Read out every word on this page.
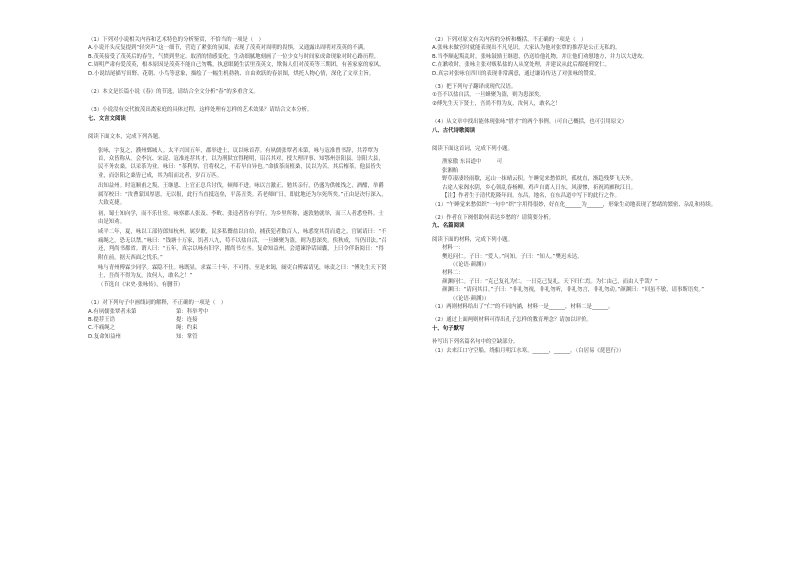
（1）下列对小说相关内容和艺术特色的分析鉴赏，不恰当的一项是（　）

A.小说开头反复提到“轻突声”这一细节，营造了紧张的氛围，表现了茂英对周明的畏惧，又通露出周明对茂英的不满。

B.茂英接受了茂英后的春生，气愤到坚定、取消的情感变化，生动细腻地刻画了一位少女与时间家成命现象对时心路历程。

C.周明严肃有爱茂英，根本原因是茂英不能自己勿嘴，执意眼随生活里茂英文，欺侮人们对茂英等三期团，有善家家的家风。

D.小说结尾描写田野、花朝、小鸟等意象，描绘了一幅生机勃勃、自由欢跃的春景图，烘托人物心情，深化了文章主旨。

（2）本文是长篇小说《春》的节选，请结合全文分析“春”的多重含义。

（3）小说没有交代彼茂出离家庭的具体过程，这样处理有怎样的艺术效果？请结合文本分析。

七、文言文阅读

阅读下面文本，完成下列各题。

张咏，字复之，濮州鄄城人。太平兴国五年，郡举进士，议以咏首荐。有夙儒张覃者未第，咏与寇准曾书辞，共荐覃为首，众皆称从。会李沆、宋浞、寇准连荐其才，以为刑狱宜得精明，诏召其对，授大理评事、知鄂州崇阳县。崇阳大县，民不务农桑，以采茶为业。咏曰：“茶利厚，官将权之，不若早自异也。”命拔茶而植桑，民以为苦。其后榷茶，他县皆失业，而崇阳之桑皆已成，其为绢而北者，岁百万匹。

出知益州。时寇顺甫之叛，王继恩、上官正总兵讨伐，顿师不进。咏以言激正，勉其亲行，仍盛为供帐饯之，酒酣，举爵属军校曰：“汝曹蒙国厚恩，无以报，此行当直抵寇垒，平荡丑类。若老师旷日，即此地还为尔死所矣。”正由是决行深入，大致克捷。

初，蜀士知向学，而不乐仕宦。咏察郡人张及、李畋、张逵者皆有学行，为乡里所称，遂敦勉就举，而三人者悉登科。士由是知劝。

咸平二年，夏，咏以工部侍郎知杭州。属岁歉，民多私鬻盐以自给，捕获犯者数百人，咏悉宽其罚而遣之。官属请曰：“不痛绳之，恐无以禁。”咏曰：“钱塘十万家，饥者八九，苟不以盐自活，一旦蜂聚为盗，则为患深矣。俟秋成，当仍旧法。”召还，判尚书都省。谓人曰：“五年，真宗以咏有旧学，擢尚书左丞。复命知益州，会遣谏诤话园囊，上曰令伴诣阅日：“得附在前，据天西面之忧乐。”

咏与青州傅霖少同学。霖隐不仕。咏既显，求霖三十年，不可得。至是来谒，阍吏白傅霖请见，咏责之曰：“傅先生天下贤士，吾尚不得为友，汝何人，敢名之！”

（节选自《宋史·张咏传》，有删节）

（1）对下列句子中画线词的解释，不正确的一项是（　）

A.有夙儒张覃者未第	第：科举考中
B.提荐王诰	提：连接
C.不痛绳之	绳：约束
D.复命知益州	知：掌管

（2）下列对原文有关内容的分析和概括，不正确的一项是（　）

A.张咏未做官时就能表现出不凡见识，大家认为他对张覃的推荐是公正无私的。

B.当李顺起叛乱时，张咏鼓励王继恩，仍送给他礼物，并让他们劝慰地方，并力以大进攻。

C.在歉收时，张咏主张对贩私盐的人从宽处理，并建议从此后都能刑宽仁。

D.真宗对张咏在四川的表现非常满意，通过谦诗传达了对张咏的赞赏。

（3）把下列句子翻译成现代汉语。

①吾不以盐自活，一旦蜂聚为盗，则为患深矣。

②傅先生天下贤士，吾尚不得为友，汝何人，敢名之！

（4）从文章中找出能体现张咏“惜才”的两个事例。（可自己概括，也可引用原文）

八、古代诗歌阅读

阅读下面这首词，完成下列小题。

渔家傲 东昌道中	可

张湘贻

野草凄凄经雨歇，远山一抹晴云积。午睡觉来愁似织，孤枕直，渐趋残梦飞天外。

古途人家阁水阴，乡心领乱春杨柳。鸡声自离人日东，风凄惨，祈祝鸿雁秋江日。

【注】作者生于清代乾隆年间。东昌，地名，在东昌道中写下的此行之作。

（1）“午睡觉来愁似织”一句中“织”字用得很妙，好在化______为______，形象生动地表现了愁绪的繁密、杂乱和持续。

（2）作者在下阕借助何表达乡愁的？请简要分析。

九、名篇阅读

阅读下面的材料，完成下列小题。

材料一：

樊迟问仁。子曰：“爱人。”问知。子曰：“知人。”樊迟未达。

（《论语·颜渊》）

材料二：

颜渊问仁。子曰：“克己复礼为仁。一日克己复礼，天下归仁焉。为仁由己，而由人乎哉？”

颜渊曰：“请问其目。”子曰：“非礼勿视，非礼勿听，非礼勿言，非礼勿动。”颜渊曰：“回虽不敏，请事斯语矣。”

（《论语·颜渊》）

（1）两则材料给出了“仁”的不同内涵，材料一是______，材料二是______。

（2）通过上面两则材料可得出孔子怎样的教育理念？请加以评价。

十、句子默写

补写出下列名篇名句中的空缺部分。

（1）去来江口守空船，绕船月明江水寒，______，______。（白居易《琵琶行》）
